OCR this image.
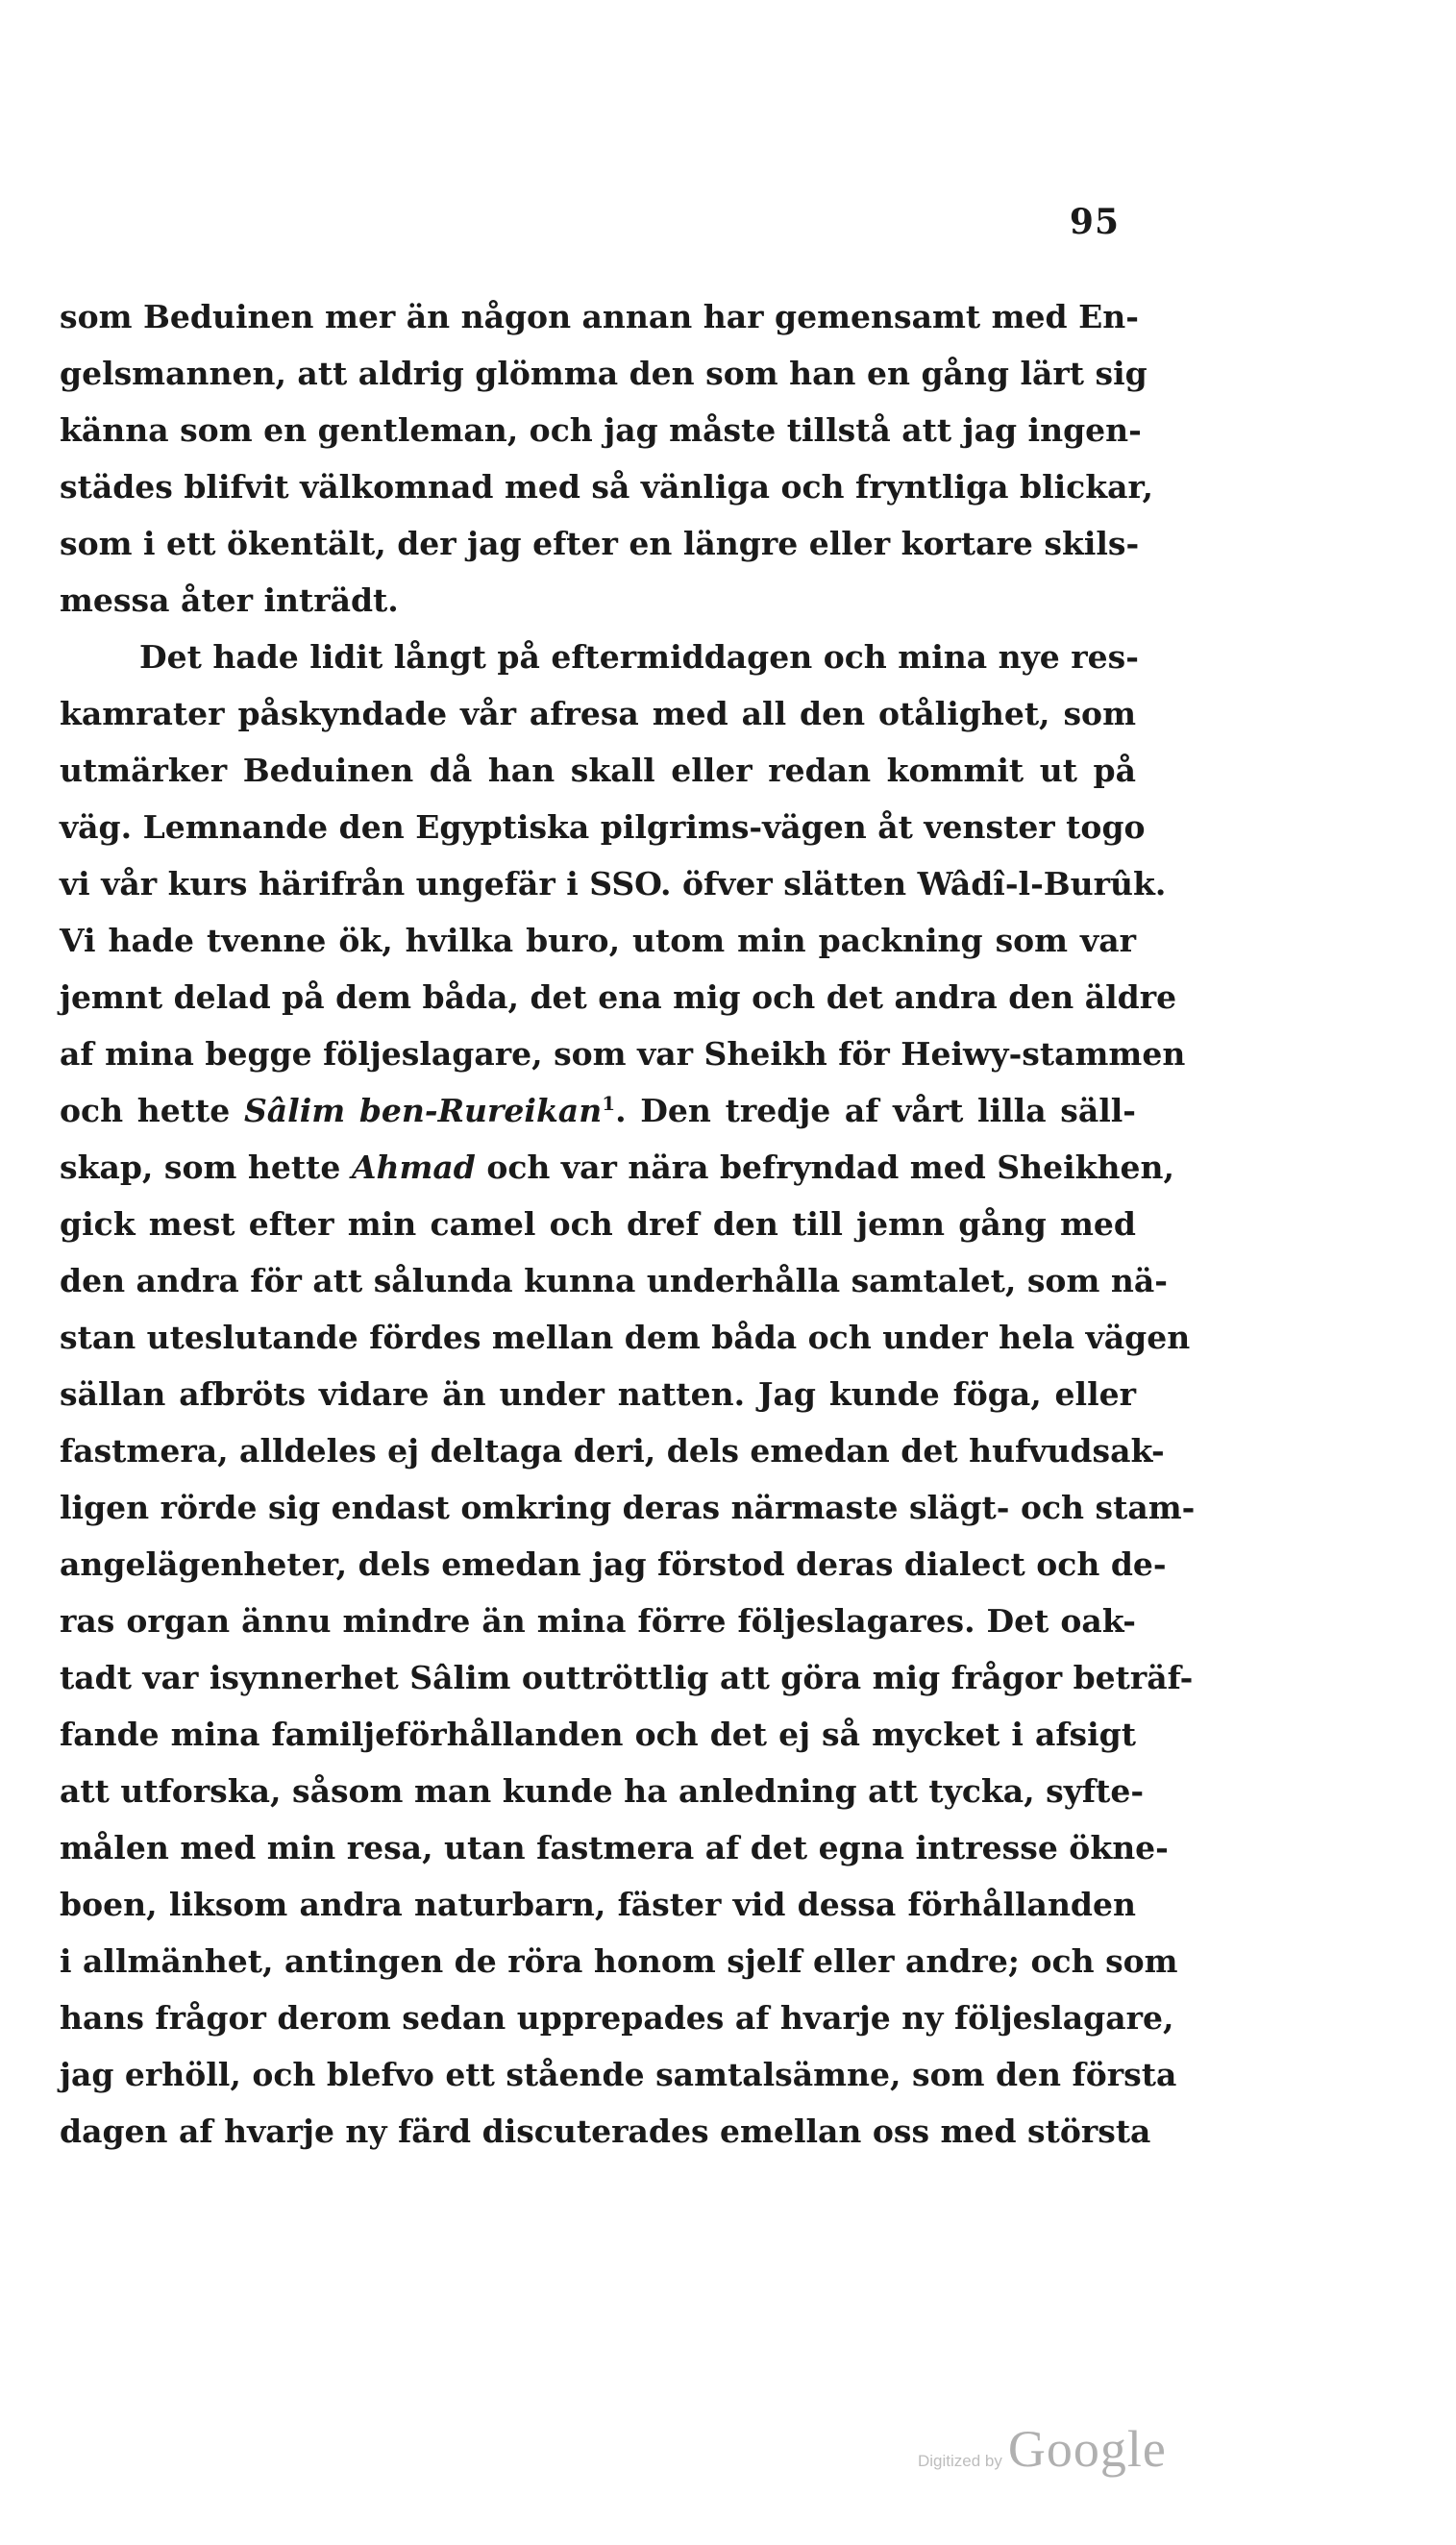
95
som Beduinen mer än någon annan har gemensamt med En-
gelsmannen, att aldrig glömma den som han en gång lärt sig
känna som en gentleman, och jag måste tillstå att jag ingen-
städes blifvit välkomnad med så vänliga och fryntliga blickar,
som i ett ökentält, der jag efter en längre eller kortare skils-
messa åter inträdt.
Det hade lidit långt på eftermiddagen och mina nye res-
kamrater påskyndade vår afresa med all den otålighet, som
utmärker Beduinen då han skall eller redan kommit ut på
väg. Lemnande den Egyptiska pilgrims-vägen åt venster togo
vi vår kurs härifrån ungefär i SSO. öfver slätten Wâdî-l-Burûk.
Vi hade tvenne ök, hvilka buro, utom min packning som var
jemnt delad på dem båda, det ena mig och det andra den äldre
af mina begge följeslagare, som var Sheikh för Heiwy-stammen
och hette Sâlim ben-Rureikan$^1$. Den tredje af vårt lilla säll-
skap, som hette Ahmad och var nära befryndad med Sheikhen,
gick mest efter min camel och dref den till jemn gång med
den andra för att sålunda kunna underhålla samtalet, som nä-
stan uteslutande fördes mellan dem båda och under hela vägen
sällan afbröts vidare än under natten. Jag kunde föga, eller
fastmera, alldeles ej deltaga deri, dels emedan det hufvudsak-
ligen rörde sig endast omkring deras närmaste slägt- och stam-
angelägenheter, dels emedan jag förstod deras dialect och de-
ras organ ännu mindre än mina förre följeslagares. Det oak-
tadt var isynnerhet Sâlim outtröttlig att göra mig frågor beträf-
fande mina familjeförhållanden och det ej så mycket i afsigt
att utforska, såsom man kunde ha anledning att tycka, syfte-
målen med min resa, utan fastmera af det egna intresse ökne-
boen, liksom andra naturbarn, fäster vid dessa förhållanden
i allmänhet, antingen de röra honom sjelf eller andre; och som
hans frågor derom sedan upprepades af hvarje ny följeslagare,
jag erhöll, och blefvo ett stående samtalsämne, som den första
dagen af hvarje ny färd discuterades emellan oss med största
Digitized by Google
